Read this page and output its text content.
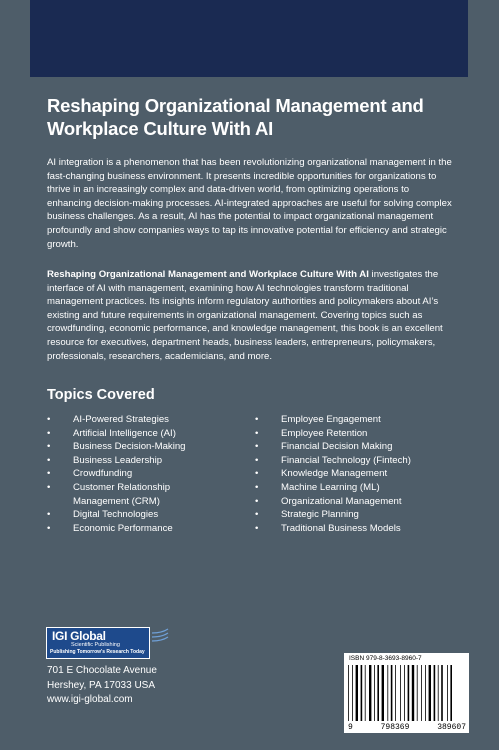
Reshaping Organizational Management and
Workplace Culture With AI
AI integration is a phenomenon that has been revolutionizing organizational management in the fast-changing business environment. It presents incredible opportunities for organizations to thrive in an increasingly complex and data-driven world, from optimizing operations to enhancing decision-making processes. AI-integrated approaches are useful for solving complex business challenges. As a result, AI has the potential to impact organizational management profoundly and show companies ways to tap its innovative potential for efficiency and strategic growth.
Reshaping Organizational Management and Workplace Culture With AI investigates the interface of AI with management, examining how AI technologies transform traditional management practices. Its insights inform regulatory authorities and policymakers about AI’s existing and future requirements in organizational management. Covering topics such as crowdfunding, economic performance, and knowledge management, this book is an excellent resource for executives, department heads, business leaders, entrepreneurs, policymakers, professionals, researchers, academicians, and more.
Topics Covered
• AI-Powered Strategies
• Artificial Intelligence (AI)
• Business Decision-Making
• Business Leadership
• Crowdfunding
• Customer Relationship Management (CRM)
• Digital Technologies
• Economic Performance
• Employee Engagement
• Employee Retention
• Financial Decision Making
• Financial Technology (Fintech)
• Knowledge Management
• Machine Learning (ML)
• Organizational Management
• Strategic Planning
• Traditional Business Models
IGI Global
Scientific Publishing
Publishing Tomorrow's Research Today
701 E Chocolate Avenue
Hershey, PA 17033 USA
www.igi-global.com
ISBN 979-8-3693-8960-7
9	798369	389607
